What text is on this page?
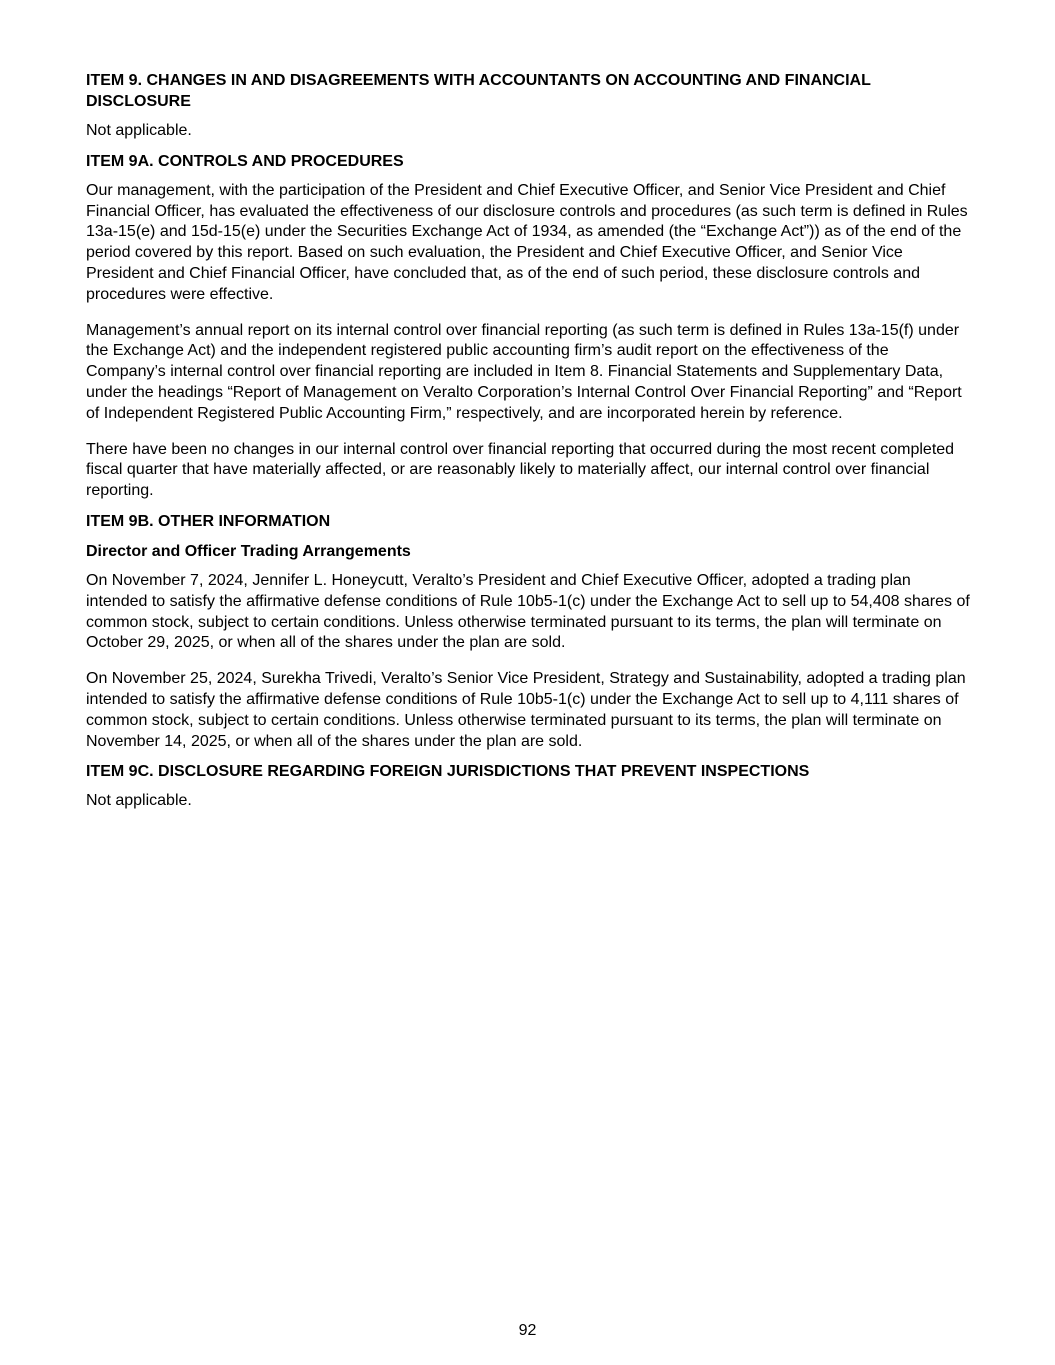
ITEM 9. CHANGES IN AND DISAGREEMENTS WITH ACCOUNTANTS ON ACCOUNTING AND FINANCIAL DISCLOSURE
Not applicable.
ITEM 9A. CONTROLS AND PROCEDURES
Our management, with the participation of the President and Chief Executive Officer, and Senior Vice President and Chief Financial Officer, has evaluated the effectiveness of our disclosure controls and procedures (as such term is defined in Rules 13a-15(e) and 15d-15(e) under the Securities Exchange Act of 1934, as amended (the “Exchange Act”)) as of the end of the period covered by this report. Based on such evaluation, the President and Chief Executive Officer, and Senior Vice President and Chief Financial Officer, have concluded that, as of the end of such period, these disclosure controls and procedures were effective.
Management’s annual report on its internal control over financial reporting (as such term is defined in Rules 13a-15(f) under the Exchange Act) and the independent registered public accounting firm’s audit report on the effectiveness of the Company’s internal control over financial reporting are included in Item 8. Financial Statements and Supplementary Data, under the headings “Report of Management on Veralto Corporation’s Internal Control Over Financial Reporting” and “Report of Independent Registered Public Accounting Firm,” respectively, and are incorporated herein by reference.
There have been no changes in our internal control over financial reporting that occurred during the most recent completed fiscal quarter that have materially affected, or are reasonably likely to materially affect, our internal control over financial reporting.
ITEM 9B. OTHER INFORMATION
Director and Officer Trading Arrangements
On November 7, 2024, Jennifer L. Honeycutt, Veralto’s President and Chief Executive Officer, adopted a trading plan intended to satisfy the affirmative defense conditions of Rule 10b5-1(c) under the Exchange Act to sell up to 54,408 shares of common stock, subject to certain conditions. Unless otherwise terminated pursuant to its terms, the plan will terminate on October 29, 2025, or when all of the shares under the plan are sold.
On November 25, 2024, Surekha Trivedi, Veralto’s Senior Vice President, Strategy and Sustainability, adopted a trading plan intended to satisfy the affirmative defense conditions of Rule 10b5-1(c) under the Exchange Act to sell up to 4,111 shares of common stock, subject to certain conditions. Unless otherwise terminated pursuant to its terms, the plan will terminate on November 14, 2025, or when all of the shares under the plan are sold.
ITEM 9C. DISCLOSURE REGARDING FOREIGN JURISDICTIONS THAT PREVENT INSPECTIONS
Not applicable.
92
